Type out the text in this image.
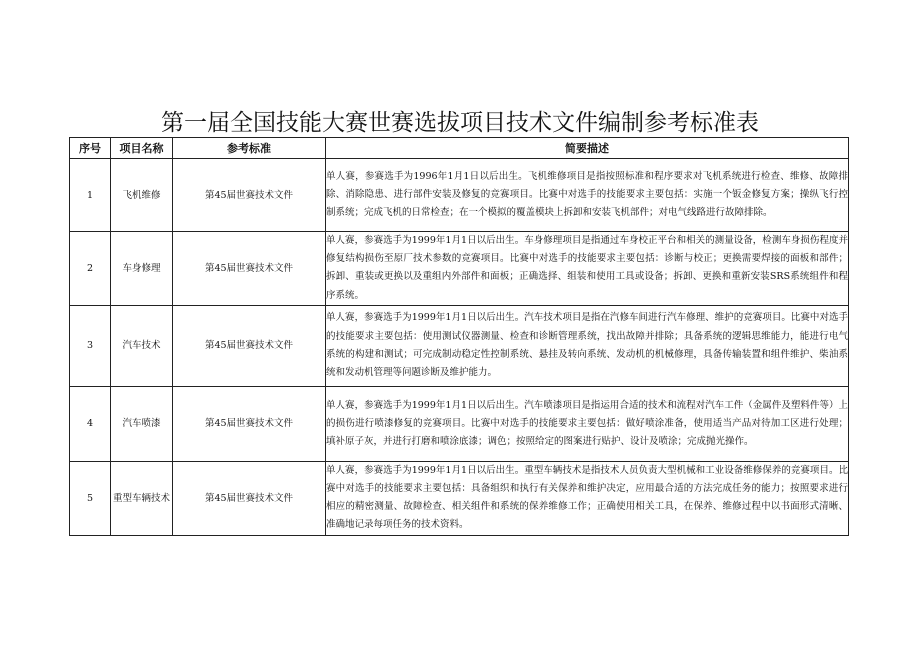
第一届全国技能大赛世赛选拔项目技术文件编制参考标准表
序号	项目名称	参考标准	简要描述
1	飞机维修	第45届世赛技术文件	单人赛，参赛选手为1996年1月1日以后出生。飞机维修项目是指按照标准和程序要求对飞机系统进行检查、维修、故障排除、消除隐患、进行部件安装及修复的竞赛项目。比赛中对选手的技能要求主要包括：实施一个钣金修复方案；操纵飞行控制系统；完成飞机的日常检查；在一个模拟的覆盖模块上拆卸和安装飞机部件；对电气线路进行故障排除。
2	车身修理	第45届世赛技术文件	单人赛，参赛选手为1999年1月1日以后出生。车身修理项目是指通过车身校正平台和相关的测量设备，检测车身损伤程度并修复结构损伤至原厂技术参数的竞赛项目。比赛中对选手的技能要求主要包括：诊断与校正；更换需要焊接的面板和部件；拆卸、重装或更换以及重组内外部件和面板；正确选择、组装和使用工具或设备；拆卸、更换和重新安装SRS系统组件和程序系统。
3	汽车技术	第45届世赛技术文件	单人赛，参赛选手为1999年1月1日以后出生。汽车技术项目是指在汽修车间进行汽车修理、维护的竞赛项目。比赛中对选手的技能要求主要包括：使用测试仪器测量、检查和诊断管理系统，找出故障并排除；具备系统的逻辑思维能力，能进行电气系统的构建和测试；可完成制动稳定性控制系统、悬挂及转向系统、发动机的机械修理，具备传输装置和组件维护、柴油系统和发动机管理等问题诊断及维护能力。
4	汽车喷漆	第45届世赛技术文件	单人赛，参赛选手为1999年1月1日以后出生。汽车喷漆项目是指运用合适的技术和流程对汽车工件（金属件及塑料件等）上的损伤进行喷漆修复的竞赛项目。比赛中对选手的技能要求主要包括：做好喷涂准备，使用适当产品对待加工区进行处理；填补原子灰，并进行打磨和喷涂底漆；调色；按照给定的图案进行贴护、设计及喷涂；完成抛光操作。
5	重型车辆技术	第45届世赛技术文件	单人赛，参赛选手为1999年1月1日以后出生。重型车辆技术是指技术人员负责大型机械和工业设备维修保养的竞赛项目。比赛中对选手的技能要求主要包括：具备组织和执行有关保养和维护决定，应用最合适的方法完成任务的能力；按照要求进行相应的精密测量、故障检查、相关组件和系统的保养维修工作；正确使用相关工具，在保养、维修过程中以书面形式清晰、准确地记录每项任务的技术资料。
